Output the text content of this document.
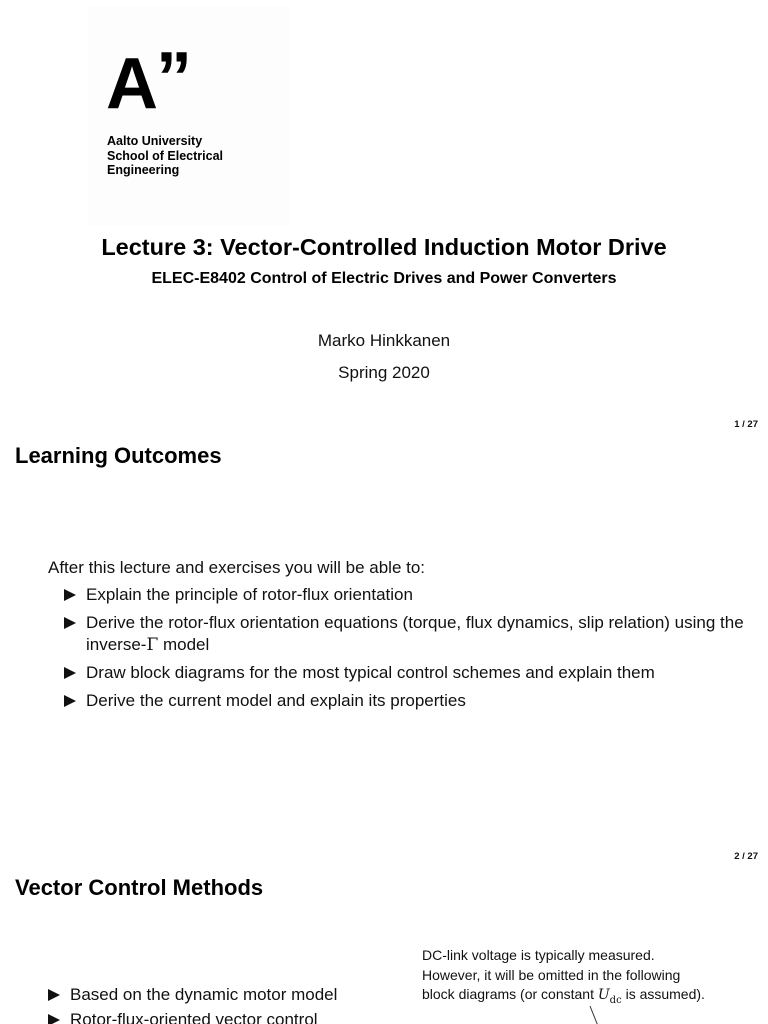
A”
Aalto University
School of Electrical
Engineering
Lecture 3: Vector-Controlled Induction Motor Drive
ELEC-E8402 Control of Electric Drives and Power Converters
Marko Hinkkanen
Spring 2020
1 / 27
Learning Outcomes
After this lecture and exercises you will be able to:
Explain the principle of rotor-flux orientation
Derive the rotor-flux orientation equations (torque, flux dynamics, slip relation) using the inverse-Γ model
Draw block diagrams for the most typical control schemes and explain them
Derive the current model and explain its properties
2 / 27
Vector Control Methods
DC-link voltage is typically measured.
However, it will be omitted in the following
block diagrams (or constant $U_{dc}$ is assumed).
Based on the dynamic motor model
Rotor-flux-oriented vector control
